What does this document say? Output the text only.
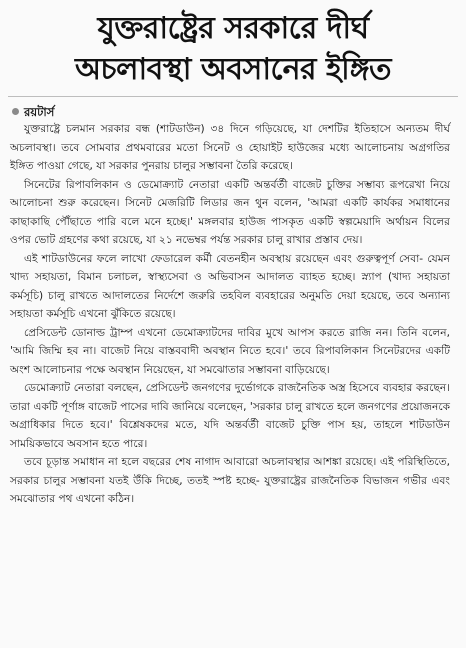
যুক্তরাষ্ট্রের সরকারে দীর্ঘ
অচলাবস্থা অবসানের ইঙ্গিত
রয়টার্স

যুক্তরাষ্ট্রে চলমান সরকার বন্ধ (শাটডাউন) ৩৪ দিনে গড়িয়েছে, যা দেশটির ইতিহাসে অন্যতম দীর্ঘ অচলাবস্থা। তবে সোমবার প্রথমবারের মতো সিনেট ও হোয়াইট হাউজের মধ্যে আলোচনায় অগ্রগতির ইঙ্গিত পাওয়া গেছে, যা সরকার পুনরায় চালুর সম্ভাবনা তৈরি করেছে।

সিনেটের রিপাবলিকান ও ডেমোক্র্যাট নেতারা একটি অন্তর্বর্তী বাজেট চুক্তির সম্ভাব্য রূপরেখা নিয়ে আলোচনা শুরু করেছেন। সিনেট মেজরিটি লিডার জন থুন বলেন, 'আমরা একটি কার্যকর সমাধানের কাছাকাছি পৌঁছাতে পারি বলে মনে হচ্ছে।' মঙ্গলবার হাউজ পাসকৃত একটি স্বল্পমেয়াদি অর্থায়ন বিলের ওপর ভোট গ্রহণের কথা রয়েছে, যা ২১ নভেম্বর পর্যন্ত সরকার চালু রাখার প্রস্তাব দেয়।

এই শাটডাউনের ফলে লাখো ফেডারেল কর্মী বেতনহীন অবস্থায় রয়েছেন এবং গুরুত্বপূর্ণ সেবা- যেমন খাদ্য সহায়তা, বিমান চলাচল, স্বাস্থ্যসেবা ও অভিবাসন আদালত ব্যাহত হচ্ছে। স্ন্যাপ (খাদ্য সহায়তা কর্মসূচি) চালু রাখতে আদালতের নির্দেশে জরুরি তহবিল ব্যবহারের অনুমতি দেয়া হয়েছে, তবে অন্যান্য সহায়তা কর্মসূচি এখনো ঝুঁকিতে রয়েছে।

প্রেসিডেন্ট ডোনাল্ড ট্রাম্প এখনো ডেমোক্র্যাটদের দাবির মুখে আপস করতে রাজি নন। তিনি বলেন, 'আমি জিম্মি হব না। বাজেট নিয়ে বাস্তববাদী অবস্থান নিতে হবে।' তবে রিপাবলিকান সিনেটরদের একটি অংশ আলোচনার পক্ষে অবস্থান নিয়েছেন, যা সমঝোতার সম্ভাবনা বাড়িয়েছে।

ডেমোক্র্যাট নেতারা বলছেন, প্রেসিডেন্ট জনগণের দুর্ভোগকে রাজনৈতিক অস্ত্র হিসেবে ব্যবহার করছেন। তারা একটি পূর্ণাঙ্গ বাজেট পাসের দাবি জানিয়ে বলেছেন, 'সরকার চালু রাখতে হলে জনগণের প্রয়োজনকে অগ্রাধিকার দিতে হবে।' বিশ্লেষকদের মতে, যদি অন্তর্বর্তী বাজেট চুক্তি পাস হয়, তাহলে শাটডাউন সাময়িকভাবে অবসান হতে পারে।

তবে চূড়ান্ত সমাধান না হলে বছরের শেষ নাগাদ আবারো অচলাবস্থার আশঙ্কা রয়েছে। এই পরিস্থিতিতে, সরকার চালুর সম্ভাবনা যতই উঁকি দিচ্ছে, ততই স্পষ্ট হচ্ছে- যুক্তরাষ্ট্রের রাজনৈতিক বিভাজন গভীর এবং সমঝোতার পথ এখনো কঠিন।
